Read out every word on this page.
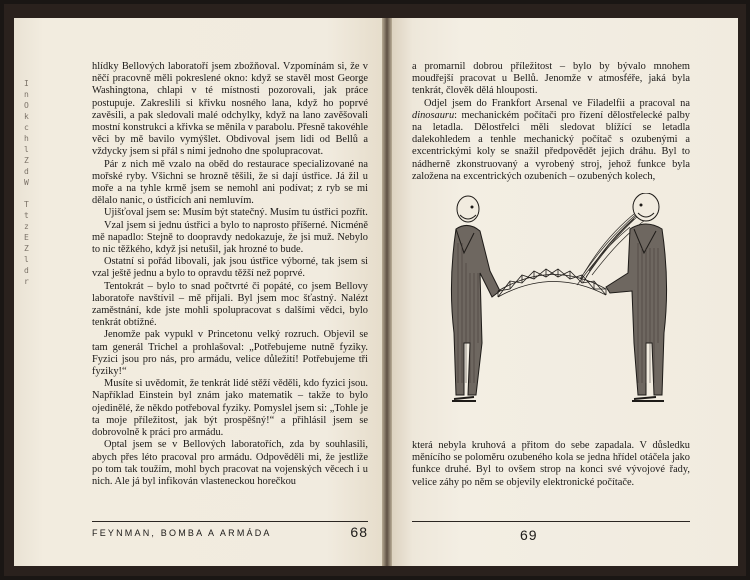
I
n
O
k
c
h
l
Z
d
W

T
t
z
E
Z
l
d
r

hlídky Bellových laboratoří jsem zbožňoval. Vzpomínám si, že v něčí pracovně měli pokreslené okno: když se stavěl most George Washingtona, chlapi v té místnosti pozorovali, jak práce postupuje. Zakreslili si křivku nosného lana, když ho poprvé zavěsili, a pak sledovali malé odchylky, když na lano zavěšovali mostní konstrukci a křivka se měnila v parabolu. Přesně takovéhle věci by mě bavilo vymýšlet. Obdivoval jsem lidi od Bellů a vždycky jsem si přál s nimi jednoho dne spolupracovat.

Pár z nich mě vzalo na oběd do restaurace specializované na mořské ryby. Všichni se hrozně těšili, že si dají ústřice. Já žil u moře a na tyhle krmě jsem se nemohl ani podívat; z ryb se mi dělalo nanic, o ústřicích ani nemluvím.

Ujišťoval jsem se: Musím být statečný. Musím tu ústřici pozřít.

Vzal jsem si jednu ústřici a bylo to naprosto příšerné. Nicméně mě napadlo: Stejně to doopravdy nedokazuje, že jsi muž. Nebylo to nic těžkého, když jsi netušil, jak hrozné to bude.

Ostatní si pořád libovali, jak jsou ústřice výborné, tak jsem si vzal ještě jednu a bylo to opravdu těžší než poprvé.

Tentokrát – bylo to snad počtvrté či popáté, co jsem Bellovy laboratoře navštívil – mě přijali. Byl jsem moc šťastný. Nalézt zaměstnání, kde jste mohli spolupracovat s dalšími vědci, bylo tenkrát obtížné.

Jenomže pak vypukl v Princetonu velký rozruch. Objevil se tam generál Trichel a prohlašoval: „Potřebujeme nutně fyziky. Fyzici jsou pro nás, pro armádu, velice důležití! Potřebujeme tři fyziky!“

Musíte si uvědomit, že tenkrát lidé stěží věděli, kdo fyzici jsou. Například Einstein byl znám jako matematik – takže to bylo ojedinělé, že někdo potřeboval fyziky. Pomyslel jsem si: „Tohle je ta moje příležitost, jak být prospěšný!“ a přihlásil jsem se dobrovolně k práci pro armádu.

Optal jsem se v Bellových laboratořích, zda by souhlasili, abych přes léto pracoval pro armádu. Odpověděli mi, že jestliže po tom tak toužím, mohl bych pracovat na vojenských věcech i u nich. Ale já byl infikován vlasteneckou horečkou

FEYNMAN, BOMBA A ARMÁDA	68

a promarnil dobrou příležitost – bylo by bývalo mnohem moudřejší pracovat u Bellů. Jenomže v atmosféře, jaká byla tenkrát, člověk dělá hlouposti.

Odjel jsem do Frankfort Arsenal ve Filadelfii a pracoval na dinosauru: mechanickém počítači pro řízení dělostřelecké palby na letadla. Dělostřelci měli sledovat blížící se letadla dalekohledem a tenhle mechanický počítač s ozubenými a excentrickými koly se snažil předpovědět jejich dráhu. Byl to nádherně zkonstruovaný a vyrobený stroj, jehož funkce byla založena na excentrických ozubeních – ozubených kolech,

která nebyla kruhová a přitom do sebe zapadala. V důsledku měnícího se poloměru ozubeného kola se jedna hřídel otáčela jako funkce druhé. Byl to ovšem strop na konci své vývojové řady, velice záhy po něm se objevily elektronické počítače.

69
